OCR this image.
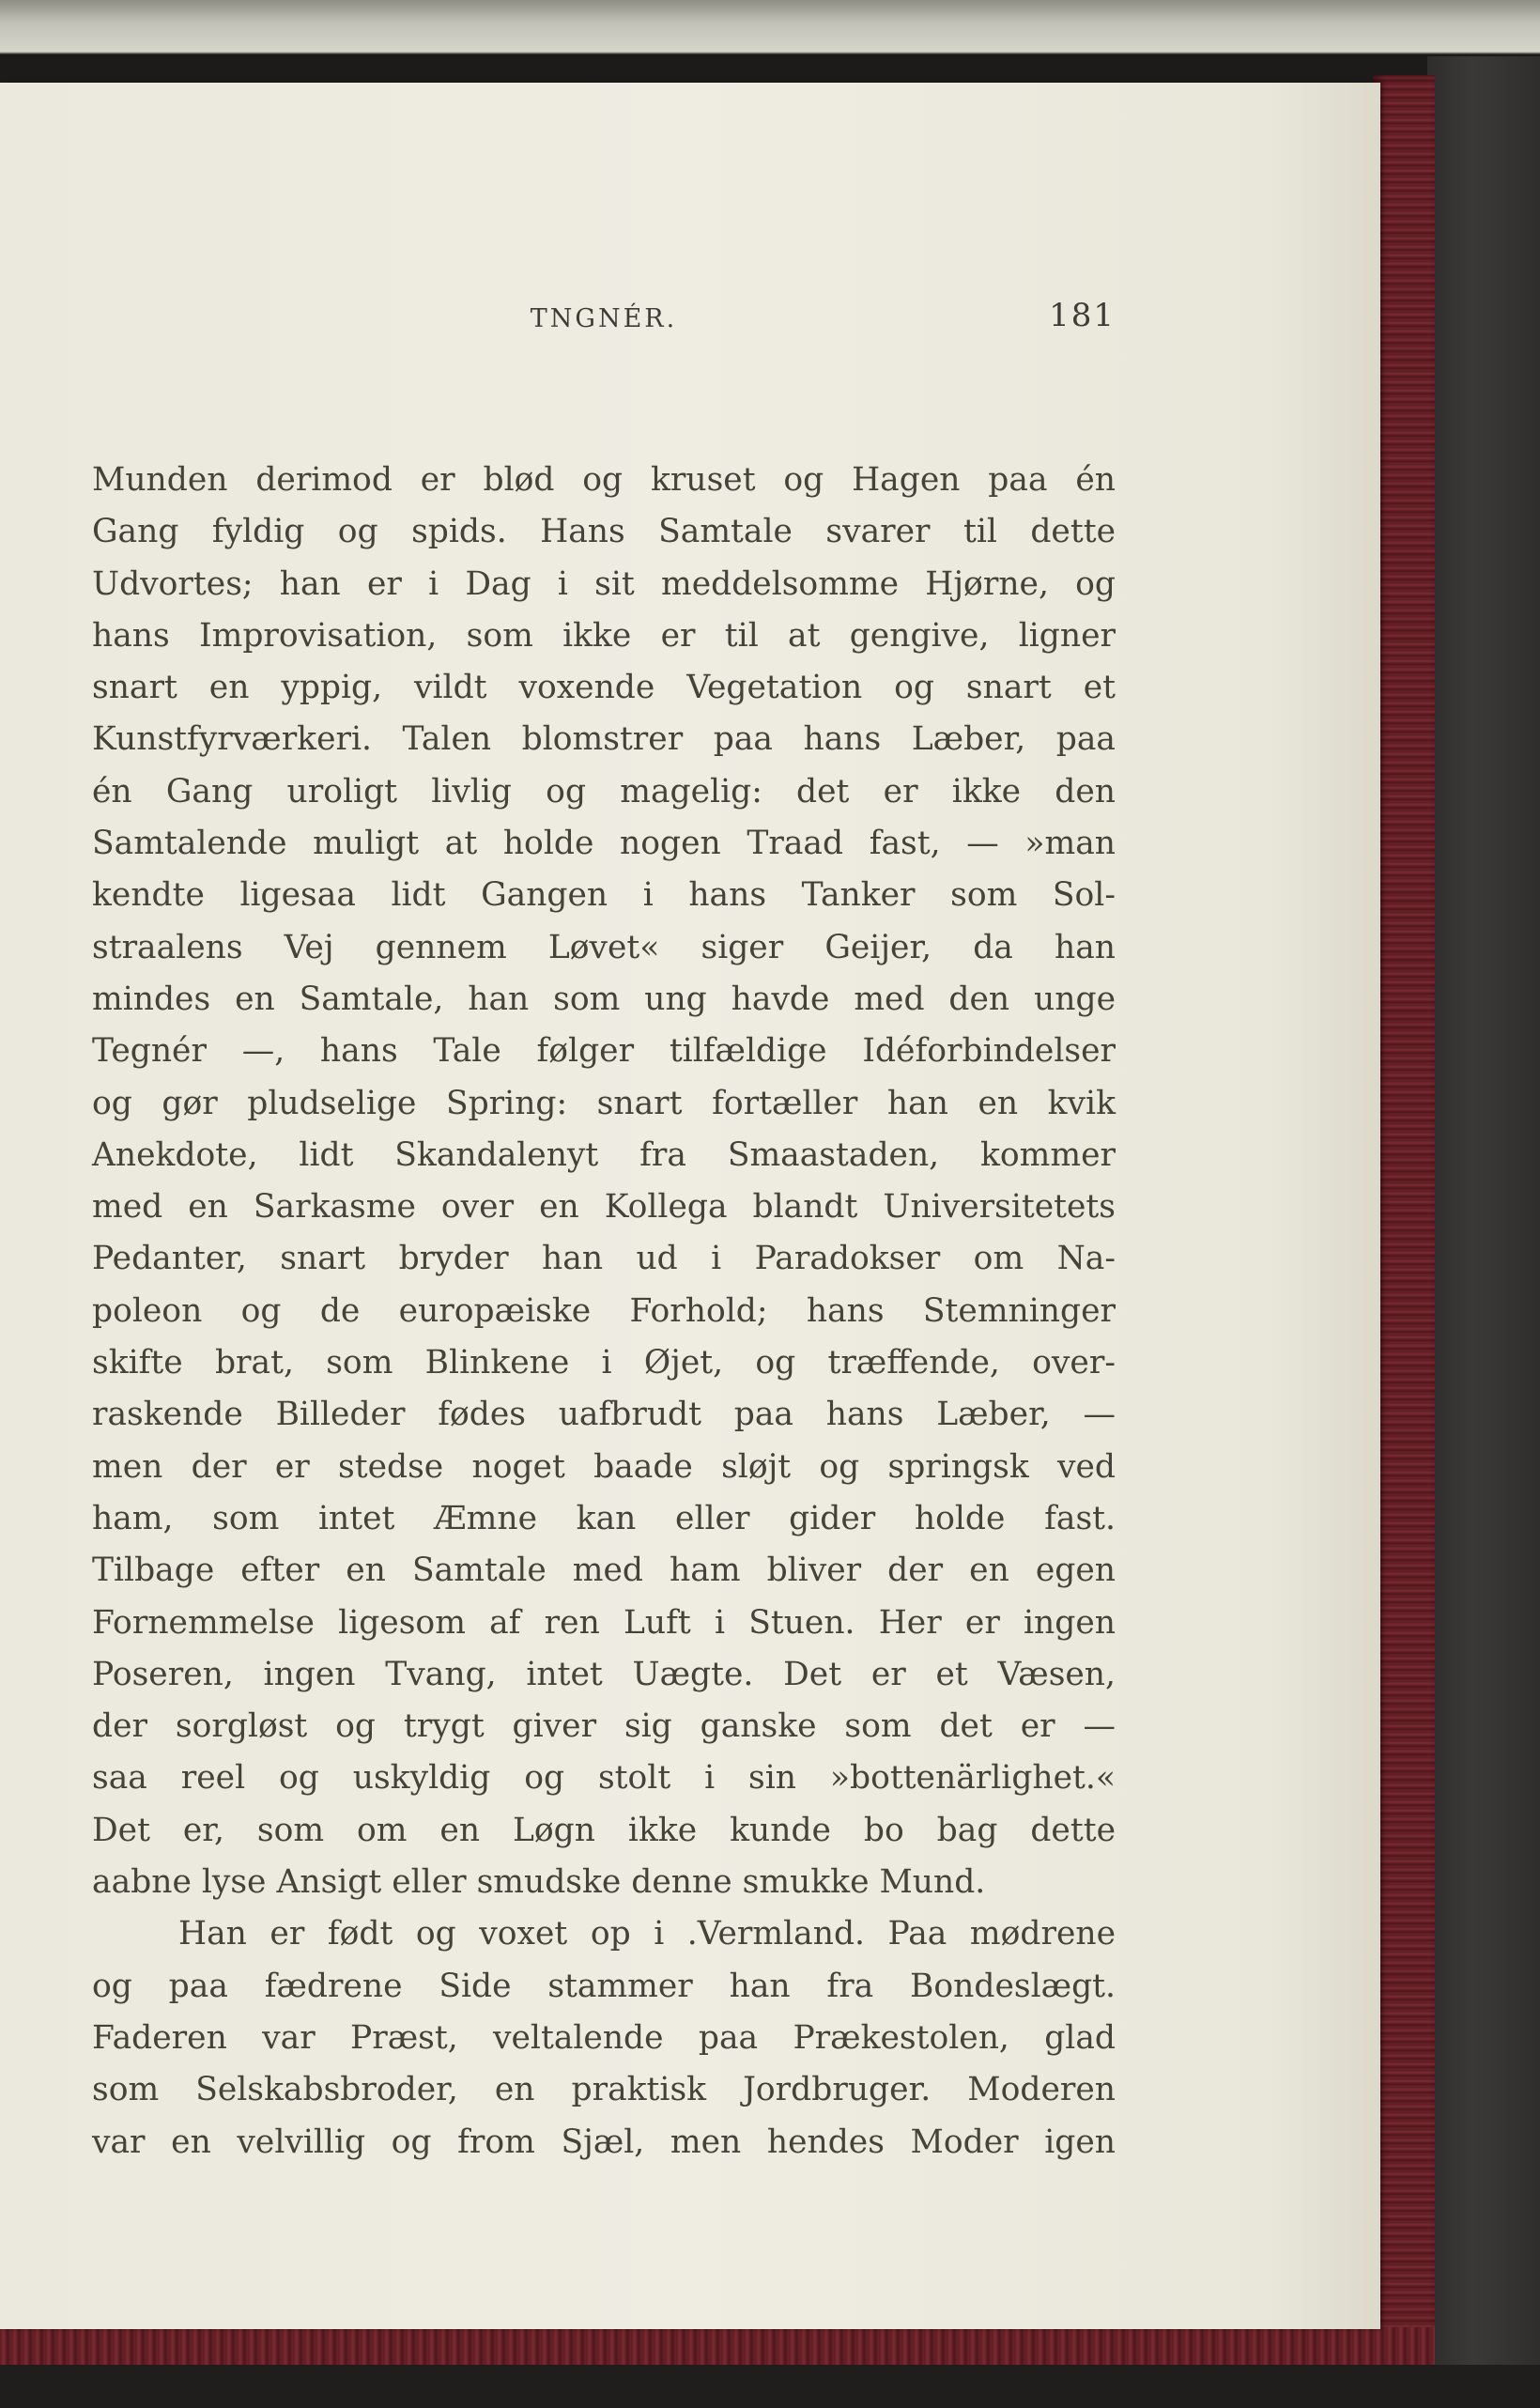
TNGNÉR.	181
Munden derimod er blød og kruset og Hagen paa én
Gang fyldig og spids. Hans Samtale svarer til dette
Udvortes; han er i Dag i sit meddelsomme Hjørne, og
hans Improvisation, som ikke er til at gengive, ligner
snart en yppig, vildt voxende Vegetation og snart et
Kunstfyrværkeri. Talen blomstrer paa hans Læber, paa
én Gang uroligt livlig og magelig: det er ikke den
Samtalende muligt at holde nogen Traad fast, — »man
kendte ligesaa lidt Gangen i hans Tanker som Sol-
straalens Vej gennem Løvet« siger Geijer, da han
mindes en Samtale, han som ung havde med den unge
Tegnér —, hans Tale følger tilfældige Idéforbindelser
og gør pludselige Spring: snart fortæller han en kvik
Anekdote, lidt Skandalenyt fra Smaastaden, kommer
med en Sarkasme over en Kollega blandt Universitetets
Pedanter, snart bryder han ud i Paradokser om Na-
poleon og de europæiske Forhold; hans Stemninger
skifte brat, som Blinkene i Øjet, og træffende, over-
raskende Billeder fødes uafbrudt paa hans Læber, —
men der er stedse noget baade sløjt og springsk ved
ham, som intet Æmne kan eller gider holde fast.
Tilbage efter en Samtale med ham bliver der en egen
Fornemmelse ligesom af ren Luft i Stuen. Her er ingen
Poseren, ingen Tvang, intet Uægte. Det er et Væsen,
der sorgløst og trygt giver sig ganske som det er —
saa reel og uskyldig og stolt i sin »bottenärlighet.«
Det er, som om en Løgn ikke kunde bo bag dette
aabne lyse Ansigt eller smudske denne smukke Mund.
Han er født og voxet op i .Vermland. Paa mødrene
og paa fædrene Side stammer han fra Bondeslægt.
Faderen var Præst, veltalende paa Prækestolen, glad
som Selskabsbroder, en praktisk Jordbruger. Moderen
var en velvillig og from Sjæl, men hendes Moder igen
